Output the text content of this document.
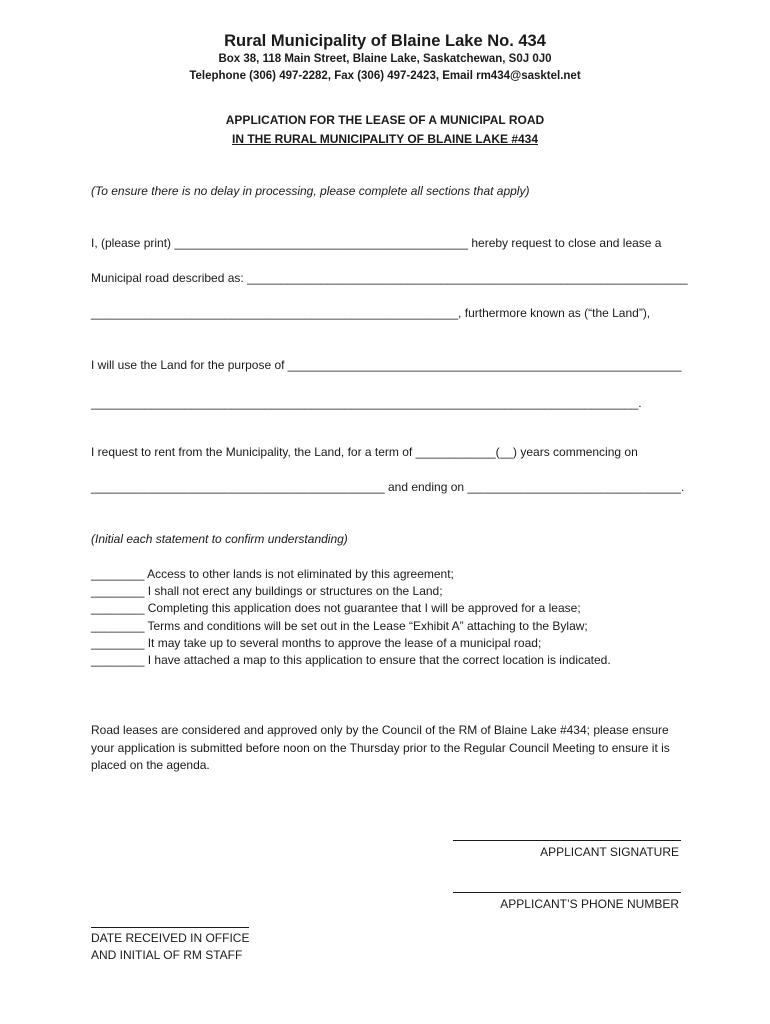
Rural Municipality of Blaine Lake No. 434
Box 38, 118 Main Street, Blaine Lake, Saskatchewan, S0J 0J0
Telephone (306) 497-2282, Fax (306) 497-2423, Email rm434@sasktel.net
APPLICATION FOR THE LEASE OF A MUNICIPAL ROAD
IN THE RURAL MUNICIPALITY OF BLAINE LAKE #434
(To ensure there is no delay in processing, please complete all sections that apply)
I, (please print) ____________________________________________ hereby request to close and lease a
Municipal road described as: __________________________________________________________________
_______________________________________________________, furthermore known as (“the Land”),
I will use the Land for the purpose of ___________________________________________________________
__________________________________________________________________________________.
I request to rent from the Municipality, the Land, for a term of ____________(__) years commencing on
____________________________________________ and ending on ________________________________.
(Initial each statement to confirm understanding)
________ Access to other lands is not eliminated by this agreement;
________ I shall not erect any buildings or structures on the Land;
________ Completing this application does not guarantee that I will be approved for a lease;
________ Terms and conditions will be set out in the Lease “Exhibit A” attaching to the Bylaw;
________ It may take up to several months to approve the lease of a municipal road;
________ I have attached a map to this application to ensure that the correct location is indicated.
Road leases are considered and approved only by the Council of the RM of Blaine Lake #434; please ensure your application is submitted before noon on the Thursday prior to the Regular Council Meeting to ensure it is placed on the agenda.
APPLICANT SIGNATURE
APPLICANT’S PHONE NUMBER
DATE RECEIVED IN OFFICE
AND INITIAL OF RM STAFF
